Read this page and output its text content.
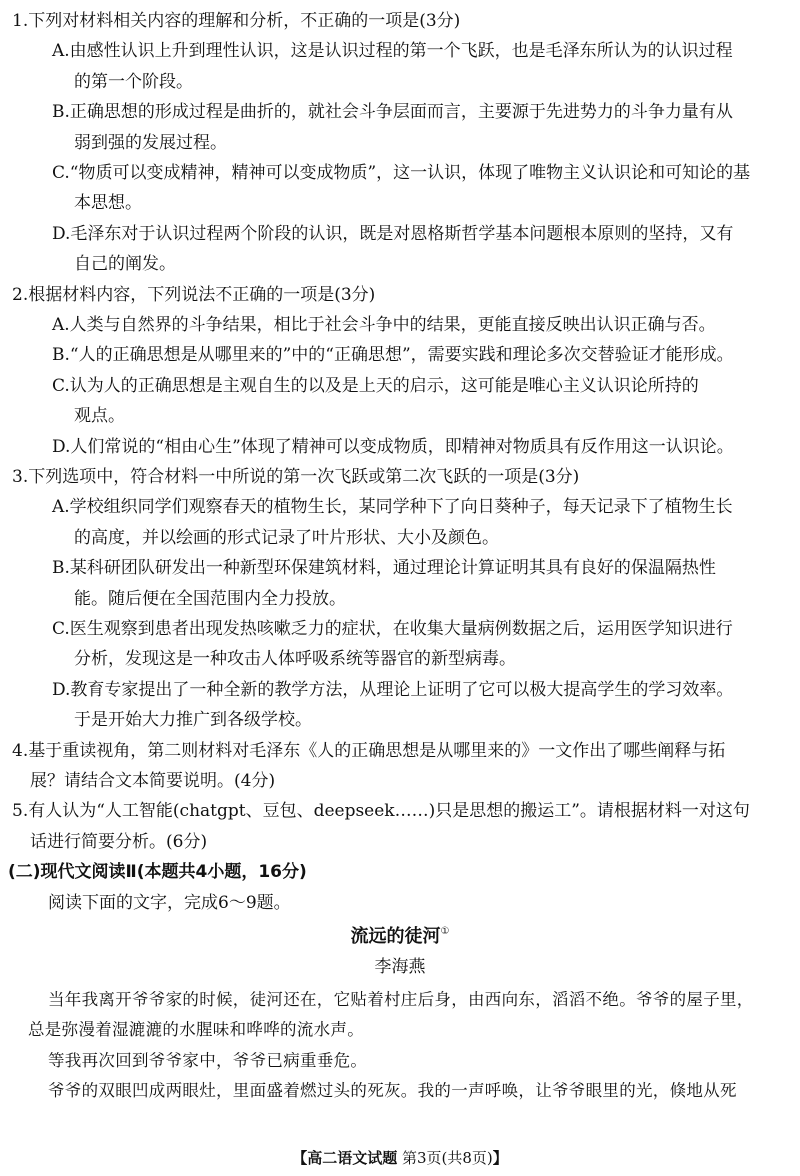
1.下列对材料相关内容的理解和分析，不正确的一项是(3分)
A.由感性认识上升到理性认识，这是认识过程的第一个飞跃，也是毛泽东所认为的认识过程
的第一个阶段。
B.正确思想的形成过程是曲折的，就社会斗争层面而言，主要源于先进势力的斗争力量有从
弱到强的发展过程。
C.“物质可以变成精神，精神可以变成物质”，这一认识，体现了唯物主义认识论和可知论的基
本思想。
D.毛泽东对于认识过程两个阶段的认识，既是对恩格斯哲学基本问题根本原则的坚持，又有
自己的阐发。
2.根据材料内容，下列说法不正确的一项是(3分)
A.人类与自然界的斗争结果，相比于社会斗争中的结果，更能直接反映出认识正确与否。
B.“人的正确思想是从哪里来的”中的“正确思想”，需要实践和理论多次交替验证才能形成。
C.认为人的正确思想是主观自生的以及是上天的启示，这可能是唯心主义认识论所持的
观点。
D.人们常说的“相由心生”体现了精神可以变成物质，即精神对物质具有反作用这一认识论。
3.下列选项中，符合材料一中所说的第一次飞跃或第二次飞跃的一项是(3分)
A.学校组织同学们观察春天的植物生长，某同学种下了向日葵种子，每天记录下了植物生长
的高度，并以绘画的形式记录了叶片形状、大小及颜色。
B.某科研团队研发出一种新型环保建筑材料，通过理论计算证明其具有良好的保温隔热性
能。随后便在全国范围内全力投放。
C.医生观察到患者出现发热咳嗽乏力的症状，在收集大量病例数据之后，运用医学知识进行
分析，发现这是一种攻击人体呼吸系统等器官的新型病毒。
D.教育专家提出了一种全新的教学方法，从理论上证明了它可以极大提高学生的学习效率。
于是开始大力推广到各级学校。
4.基于重读视角，第二则材料对毛泽东《人的正确思想是从哪里来的》一文作出了哪些阐释与拓
展？请结合文本简要说明。(4分)
5.有人认为“人工智能(chatgpt、豆包、deepseek……)只是思想的搬运工”。请根据材料一对这句
话进行简要分析。(6分)
(二)现代文阅读Ⅱ(本题共4小题，16分)
阅读下面的文字，完成6～9题。
流远的徒河①
李海燕
当年我离开爷爷家的时候，徒河还在，它贴着村庄后身，由西向东，滔滔不绝。爷爷的屋子里，
总是弥漫着湿漉漉的水腥味和哗哗的流水声。
等我再次回到爷爷家中，爷爷已病重垂危。
爷爷的双眼凹成两眼灶，里面盛着燃过头的死灰。我的一声呼唤，让爷爷眼里的光，倏地从死
【高二语文试题 第3页(共8页)】
